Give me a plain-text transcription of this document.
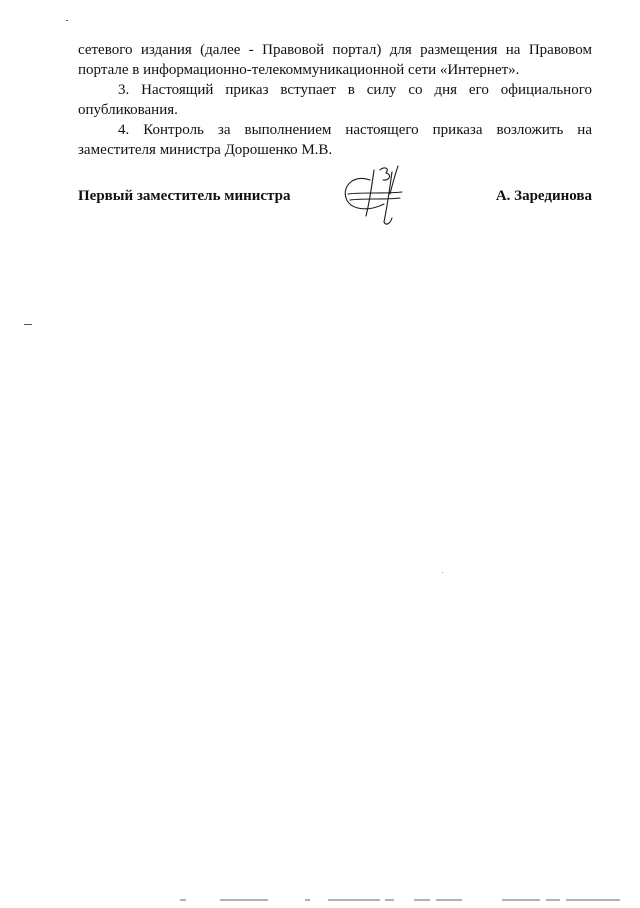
сетевого издания (далее - Правовой портал) для размещения на Правовом портале в информационно-телекоммуникационной сети «Интернет».

3. Настоящий приказ вступает в силу со дня его официального опубликования.

4. Контроль за выполнением настоящего приказа возложить на заместителя министра Дорошенко М.В.

Первый заместитель министра	А. Зарединова
